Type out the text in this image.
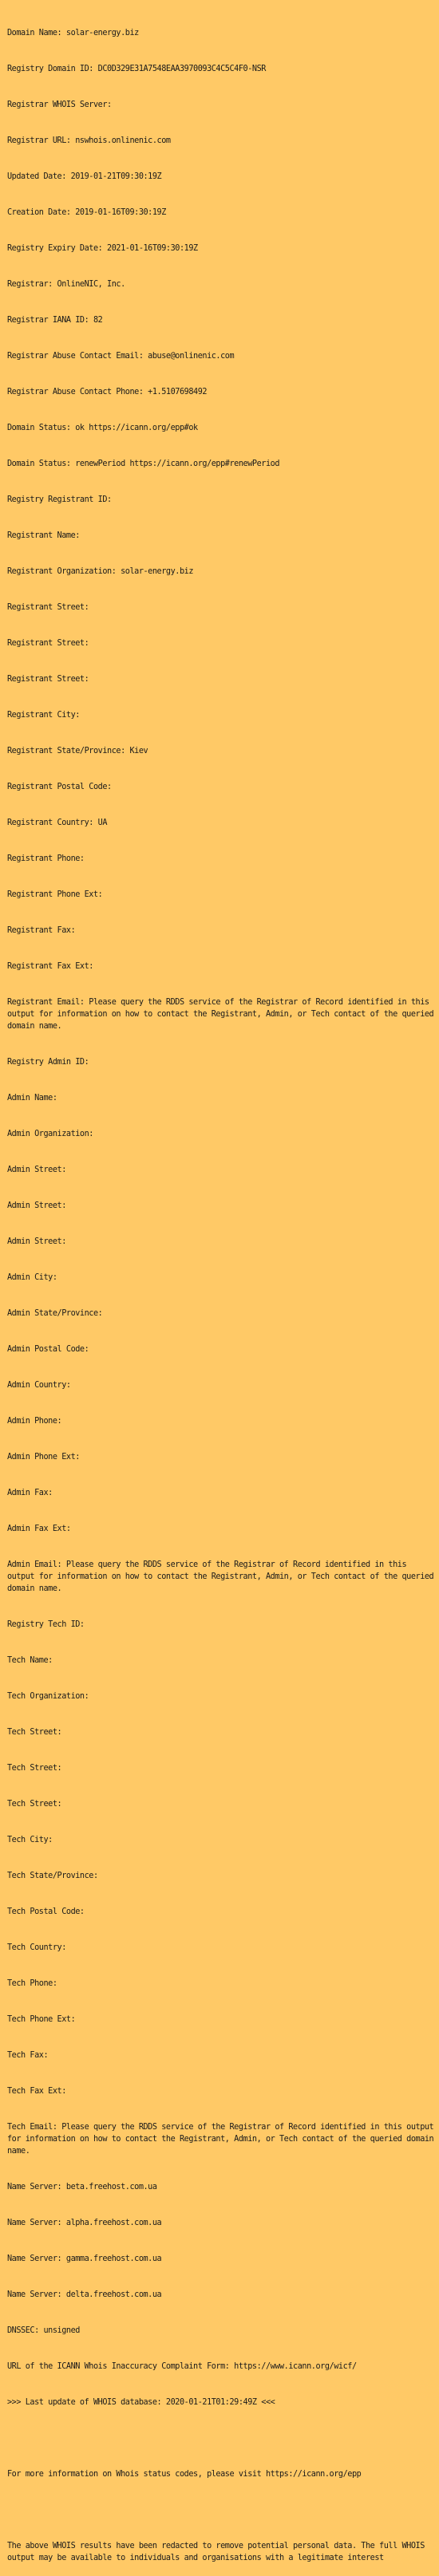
Domain Name: solar-energy.biz

Registry Domain ID: DC0D329E31A7548EAA3970093C4C5C4F0-NSR

Registrar WHOIS Server:

Registrar URL: nswhois.onlinenic.com

Updated Date: 2019-01-21T09:30:19Z

Creation Date: 2019-01-16T09:30:19Z

Registry Expiry Date: 2021-01-16T09:30:19Z

Registrar: OnlineNIC, Inc.

Registrar IANA ID: 82

Registrar Abuse Contact Email: abuse@onlinenic.com

Registrar Abuse Contact Phone: +1.5107698492

Domain Status: ok https://icann.org/epp#ok

Domain Status: renewPeriod https://icann.org/epp#renewPeriod

Registry Registrant ID:

Registrant Name:

Registrant Organization: solar-energy.biz

Registrant Street:

Registrant Street:

Registrant Street:

Registrant City:

Registrant State/Province: Kiev

Registrant Postal Code:

Registrant Country: UA

Registrant Phone:

Registrant Phone Ext:

Registrant Fax:

Registrant Fax Ext:

Registrant Email: Please query the RDDS service of the Registrar of Record identified in this output for information on how to contact the Registrant, Admin, or Tech contact of the queried domain name.

Registry Admin ID:

Admin Name:

Admin Organization:

Admin Street:

Admin Street:

Admin Street:

Admin City:

Admin State/Province:

Admin Postal Code:

Admin Country:

Admin Phone:

Admin Phone Ext:

Admin Fax:

Admin Fax Ext:

Admin Email: Please query the RDDS service of the Registrar of Record identified in this output for information on how to contact the Registrant, Admin, or Tech contact of the queried domain name.

Registry Tech ID:

Tech Name:

Tech Organization:

Tech Street:

Tech Street:

Tech Street:

Tech City:

Tech State/Province:

Tech Postal Code:

Tech Country:

Tech Phone:

Tech Phone Ext:

Tech Fax:

Tech Fax Ext:

Tech Email: Please query the RDDS service of the Registrar of Record identified in this output for information on how to contact the Registrant, Admin, or Tech contact of the queried domain name.

Name Server: beta.freehost.com.ua

Name Server: alpha.freehost.com.ua

Name Server: gamma.freehost.com.ua

Name Server: delta.freehost.com.ua

DNSSEC: unsigned

URL of the ICANN Whois Inaccuracy Complaint Form: https://www.icann.org/wicf/

>>> Last update of WHOIS database: 2020-01-21T01:29:49Z <<<

For more information on Whois status codes, please visit https://icann.org/epp

The above WHOIS results have been redacted to remove potential personal data. The full WHOIS output may be available to individuals and organisations with a legitimate interest
